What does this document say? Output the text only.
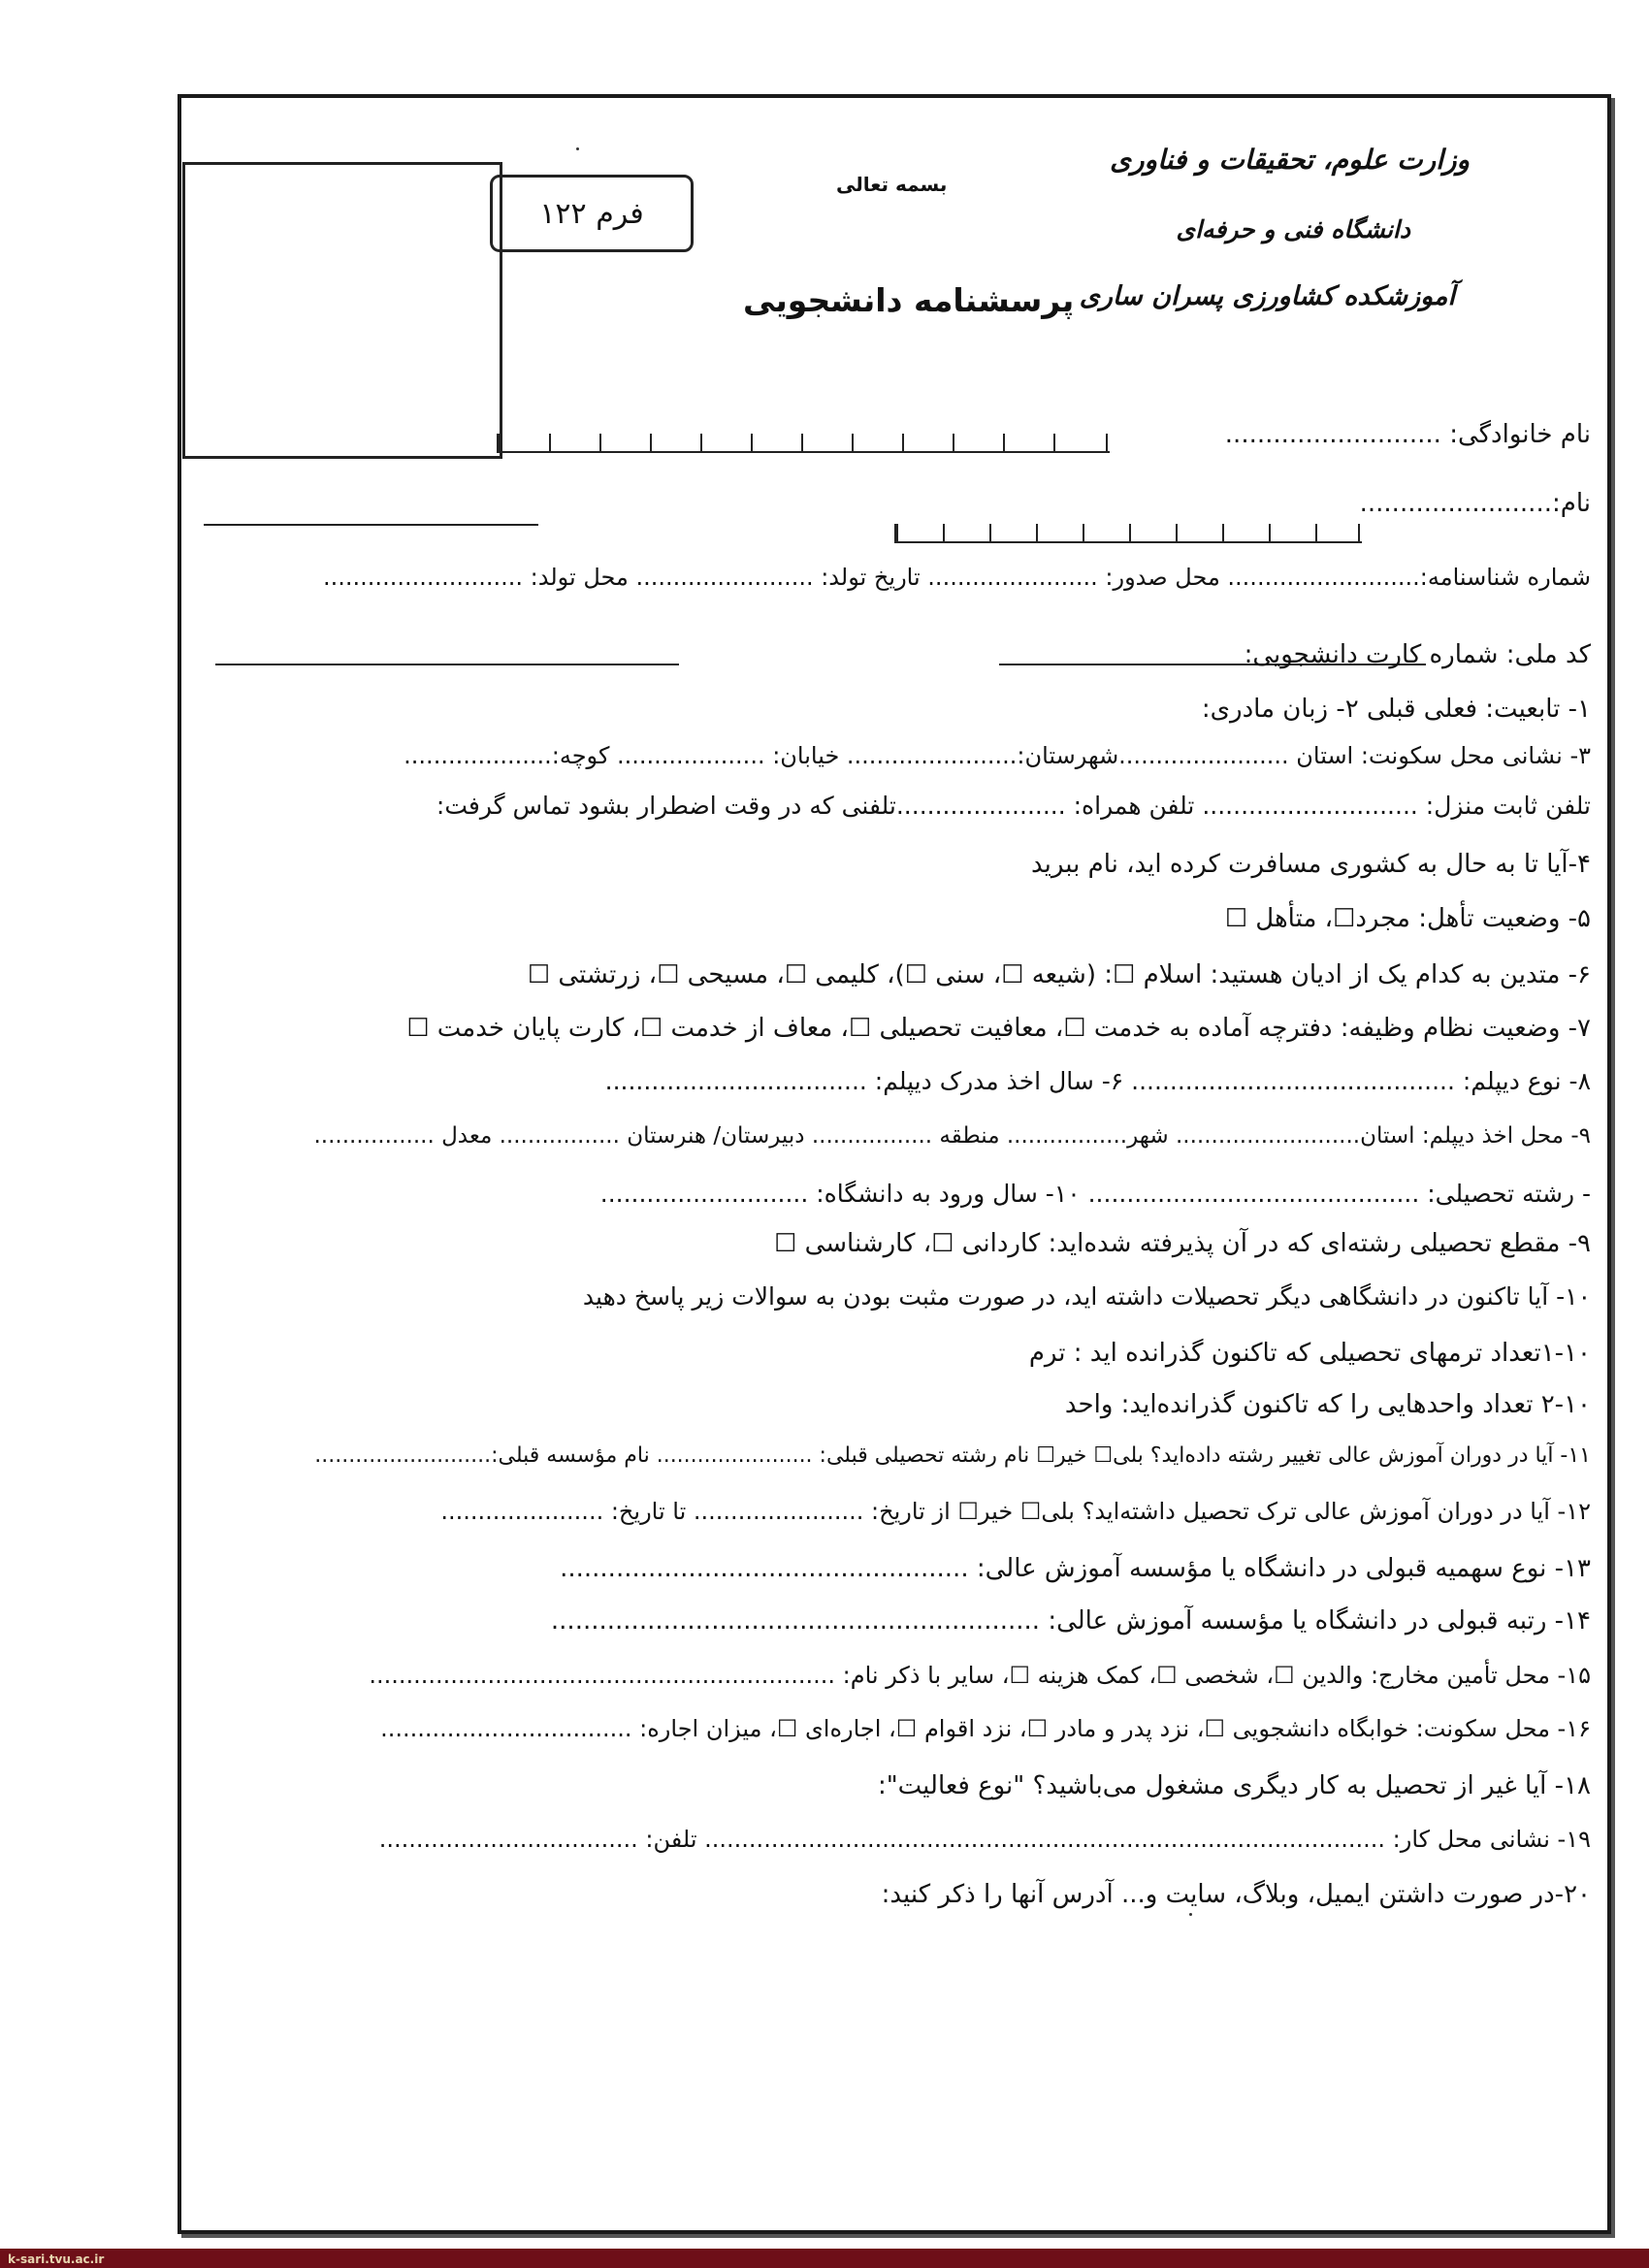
فرم ۱۲۲
وزارت علوم، تحقیقات و فناوری
دانشگاه فنی و حرفه‌ای
آموزشکده کشاورزی پسران ساری
بسمه تعالی
پرسشنامه دانشجویی
نام خانوادگی: ...........................
نام:........................
شماره شناسنامه:.......................... محل صدور: ....................... تاریخ تولد: ........................ محل تولد: ...........................
کد ملی: شماره کارت دانشجویی:
۱- تابعیت: فعلی قبلی ۲- زبان مادری:
۳- نشانی محل سکونت: استان .......................شهرستان:....................... خیابان: .................... کوچه:....................
تلفن ثابت منزل: ............................ تلفن همراه: ......................تلفنی که در وقت اضطرار بشود تماس گرفت:
۴-آیا تا به حال به کشوری مسافرت کرده اید، نام ببرید
۵- وضعیت تأهل: مجرد☐، متأهل ☐
۶- متدین به کدام یک از ادیان هستید: اسلام ☐: (شیعه ☐، سنی ☐)، کلیمی ☐، مسیحی ☐، زرتشتی ☐
۷- وضعیت نظام وظیفه: دفترچه آماده به خدمت ☐، معافیت تحصیلی ☐، معاف از خدمت ☐، کارت پایان خدمت ☐
۸- نوع دیپلم: .......................................... ۶- سال اخذ مدرک دیپلم: ..................................
۹- محل اخذ دیپلم: استان.......................... شهر................. منطقه ................. دبیرستان/ هنرستان ................. معدل .................
- رشته تحصیلی: ........................................... ۱۰- سال ورود به دانشگاه: ...........................
۹- مقطع تحصیلی رشته‌ای که در آن پذیرفته شده‌اید: کاردانی ☐، کارشناسی ☐
۱۰- آیا تاکنون در دانشگاهی دیگر تحصیلات داشته اید، در صورت مثبت بودن به سوالات زیر پاسخ دهید
۱-۱۰تعداد ترمهای تحصیلی که تاکنون گذرانده اید : ترم
۲-۱۰ تعداد واحدهایی را که تاکنون گذرانده‌اید: واحد
۱۱- آیا در دوران آموزش عالی تغییر رشته داده‌اید؟ بلی☐ خیر☐ نام رشته تحصیلی قبلی: ....................... نام مؤسسه قبلی:..........................
۱۲- آیا در دوران آموزش عالی ترک تحصیل داشته‌اید؟ بلی☐ خیر☐ از تاریخ: ....................... تا تاریخ: ......................
۱۳- نوع سهمیه قبولی در دانشگاه یا مؤسسه آموزش عالی: ...................................................
۱۴- رتبه قبولی در دانشگاه یا مؤسسه آموزش عالی: .............................................................
۱۵- محل تأمین مخارج: والدین ☐، شخصی ☐، کمک هزینه ☐، سایر با ذکر نام: ...............................................................
۱۶- محل سکونت: خوابگاه دانشجویی ☐، نزد پدر و مادر ☐، نزد اقوام ☐، اجاره‌ای ☐، میزان اجاره: ..................................
۱۸- آیا غیر از تحصیل به کار دیگری مشغول می‌باشید؟ "نوع فعالیت":
۱۹- نشانی محل کار: ............................................................................................ تلفن: ...................................
۲۰-در صورت داشتن ایمیل، وبلاگ، سایت و... آدرس آنها را ذکر کنید:
k-sari.tvu.ac.ir
